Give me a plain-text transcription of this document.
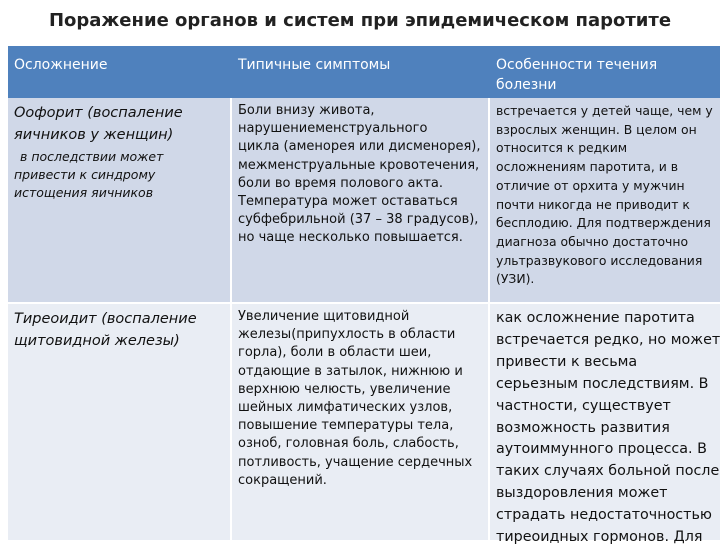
Поражение органов и систем при эпидемическом паротите
Осложнение	Типичные симптомы	Особенности течения
болезни
Оофорит (воспаление
яичников у женщин)
в последствии может
привести к синдрому
истощения яичников
Боли внизу живота,
нарушениеменструального
цикла (аменорея или дисменорея),
межменструальные кровотечения,
боли во время полового акта.
Температура может оставаться
субфебрильной (37 – 38 градусов),
но чаще несколько повышается.
встречается у детей чаще, чем у
взрослых женщин. В целом он
относится к редким
осложнениям паротита, и в
отличие от орхита у мужчин
почти никогда не приводит к
бесплодию. Для подтверждения
диагноза обычно достаточно
ультразвукового исследования
(УЗИ).
Тиреоидит (воспаление
щитовидной железы)
Увеличение щитовидной
железы(припухлость в области
горла), боли в области шеи,
отдающие в затылок, нижнюю и
верхнюю челюсть, увеличение
шейных лимфатических узлов,
повышение температуры тела,
озноб, головная боль, слабость,
потливость, учащение сердечных
сокращений.
как осложнение паротита
встречается редко, но может
привести к весьма
серьезным последствиям. В
частности, существует
возможность развития
аутоиммунного процесса. В
таких случаях больной после
выздоровления может
страдать недостаточностью
тиреоидных гормонов. Для
